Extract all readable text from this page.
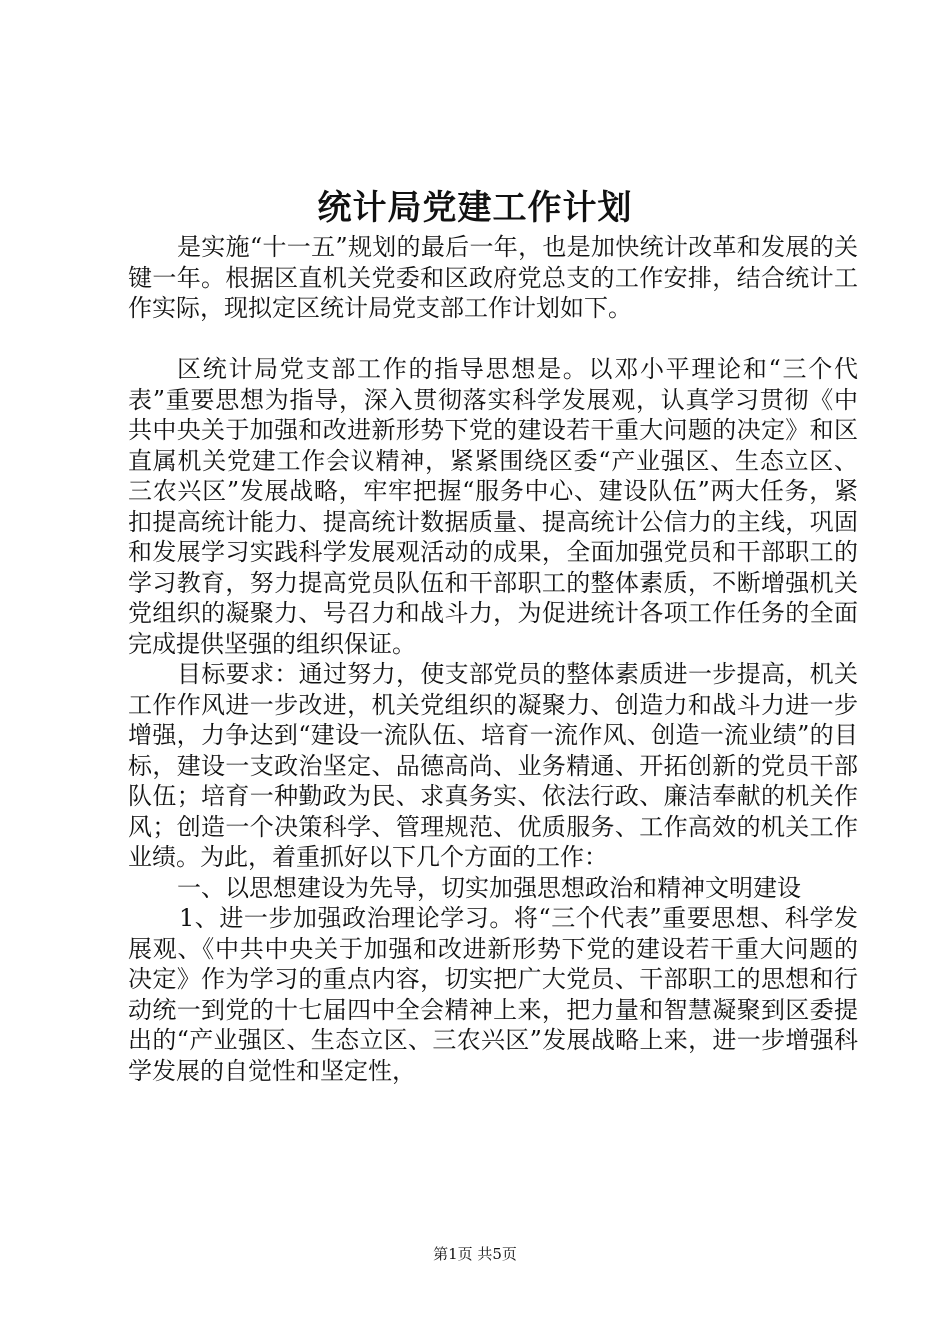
统计局党建工作计划

是实施“十一五”规划的最后一年，也是加快统计改革和发展的关键一年。根据区直机关党委和区政府党总支的工作安排，结合统计工作实际，现拟定区统计局党支部工作计划如下。

区统计局党支部工作的指导思想是。以邓小平理论和“三个代表”重要思想为指导，深入贯彻落实科学发展观，认真学习贯彻《中共中央关于加强和改进新形势下党的建设若干重大问题的决定》和区直属机关党建工作会议精神，紧紧围绕区委“产业强区、生态立区、三农兴区”发展战略，牢牢把握“服务中心、建设队伍”两大任务，紧扣提高统计能力、提高统计数据质量、提高统计公信力的主线，巩固和发展学习实践科学发展观活动的成果，全面加强党员和干部职工的学习教育，努力提高党员队伍和干部职工的整体素质，不断增强机关党组织的凝聚力、号召力和战斗力，为促进统计各项工作任务的全面完成提供坚强的组织保证。

目标要求：通过努力，使支部党员的整体素质进一步提高，机关工作作风进一步改进，机关党组织的凝聚力、创造力和战斗力进一步增强，力争达到“建设一流队伍、培育一流作风、创造一流业绩”的目标，建设一支政治坚定、品德高尚、业务精通、开拓创新的党员干部队伍；培育一种勤政为民、求真务实、依法行政、廉洁奉献的机关作风；创造一个决策科学、管理规范、优质服务、工作高效的机关工作业绩。为此，着重抓好以下几个方面的工作：

一、以思想建设为先导，切实加强思想政治和精神文明建设

1、进一步加强政治理论学习。将“三个代表”重要思想、科学发展观、《中共中央关于加强和改进新形势下党的建设若干重大问题的决定》作为学习的重点内容，切实把广大党员、干部职工的思想和行动统一到党的十七届四中全会精神上来，把力量和智慧凝聚到区委提出的“产业强区、生态立区、三农兴区”发展战略上来，进一步增强科学发展的自觉性和坚定性，

第1页 共5页
